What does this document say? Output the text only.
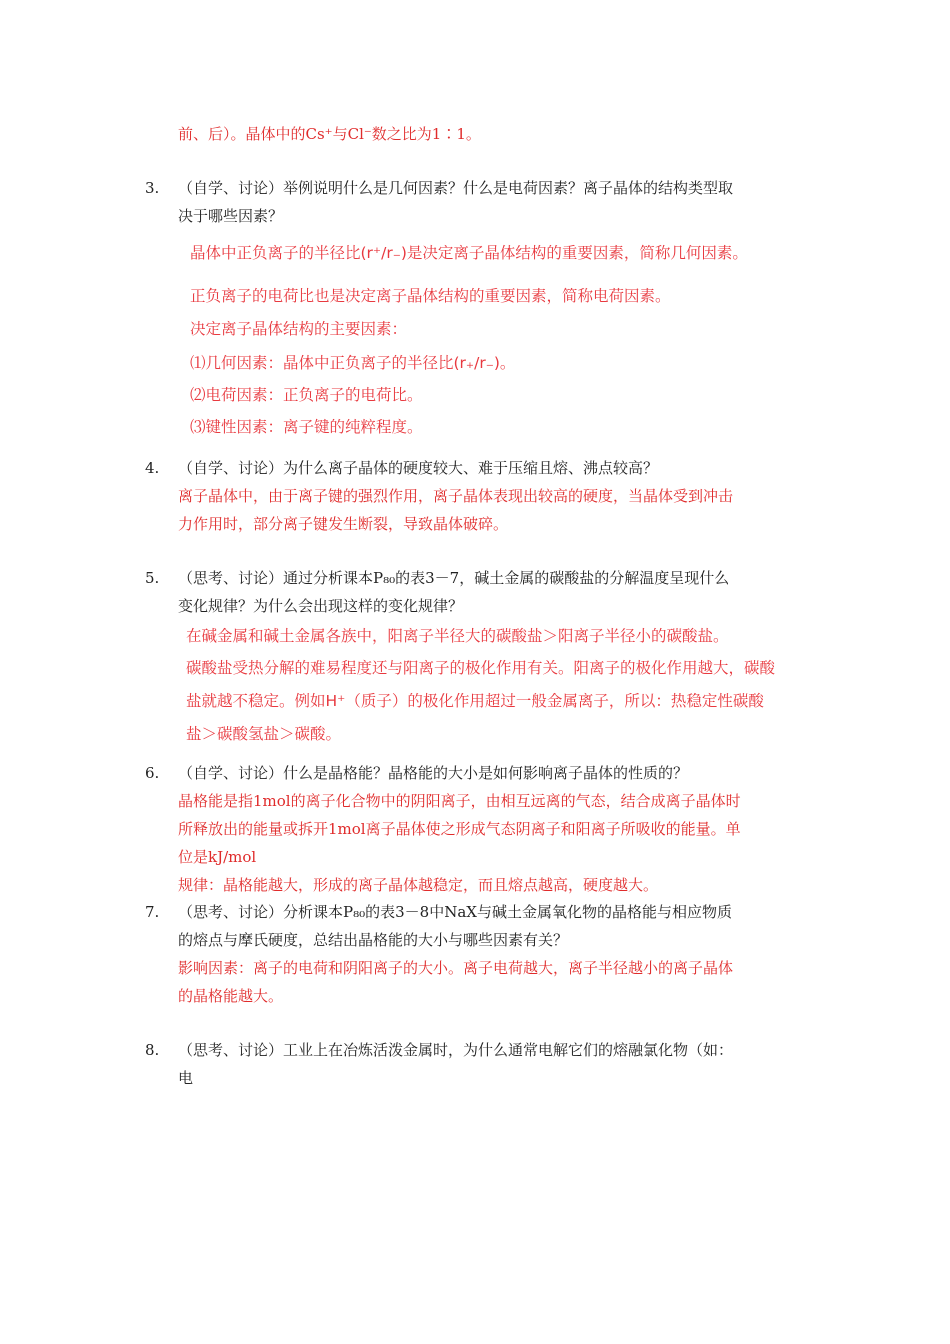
前、后）。晶体中的Cs⁺与Cl⁻数之比为1∶1。
3. （自学、讨论）举例说明什么是几何因素？什么是电荷因素？离子晶体的结构类型取
决于哪些因素？
晶体中正负离子的半径比(r⁺/r₋)是决定离子晶体结构的重要因素，简称几何因素。
正负离子的电荷比也是决定离子晶体结构的重要因素，简称电荷因素。
决定离子晶体结构的主要因素：
⑴几何因素：晶体中正负离子的半径比(r₊/r₋)。
⑵电荷因素：正负离子的电荷比。
⑶键性因素：离子键的纯粹程度。
4. （自学、讨论）为什么离子晶体的硬度较大、难于压缩且熔、沸点较高？
离子晶体中，由于离子键的强烈作用，离子晶体表现出较高的硬度，当晶体受到冲击
力作用时，部分离子键发生断裂，导致晶体破碎。
5. （思考、讨论）通过分析课本P₈₀的表3－7，碱土金属的碳酸盐的分解温度呈现什么
变化规律？为什么会出现这样的变化规律？
在碱金属和碱土金属各族中，阳离子半径大的碳酸盐＞阳离子半径小的碳酸盐。
碳酸盐受热分解的难易程度还与阳离子的极化作用有关。阳离子的极化作用越大，碳酸
盐就越不稳定。例如H⁺（质子）的极化作用超过一般金属离子，所以：热稳定性碳酸
盐＞碳酸氢盐＞碳酸。
6. （自学、讨论）什么是晶格能？晶格能的大小是如何影响离子晶体的性质的？
晶格能是指1mol的离子化合物中的阴阳离子，由相互远离的气态，结合成离子晶体时
所释放出的能量或拆开1mol离子晶体使之形成气态阴离子和阳离子所吸收的能量。单
位是kJ/mol
规律：晶格能越大，形成的离子晶体越稳定，而且熔点越高，硬度越大。
7. （思考、讨论）分析课本P₈₀的表3－8中NaX与碱土金属氧化物的晶格能与相应物质
的熔点与摩氏硬度，总结出晶格能的大小与哪些因素有关？
影响因素：离子的电荷和阴阳离子的大小。离子电荷越大，离子半径越小的离子晶体
的晶格能越大。
8. （思考、讨论）工业上在冶炼活泼金属时，为什么通常电解它们的熔融氯化物（如：
电
